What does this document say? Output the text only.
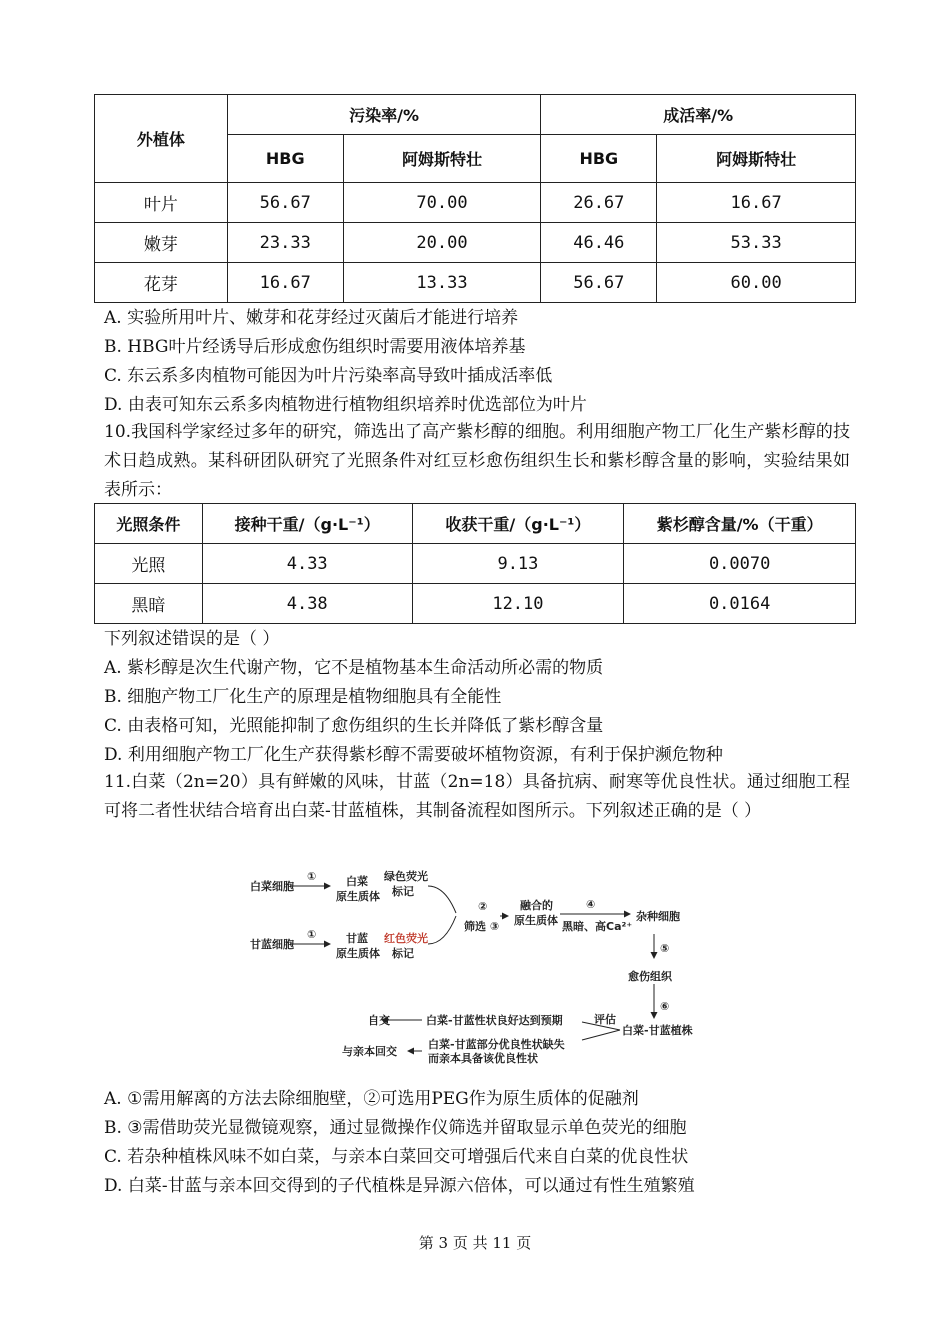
外植体	污染率/%		成活率/%	
	HBG	阿姆斯特壮	HBG	阿姆斯特壮
叶片	56.67	70.00	26.67	16.67
嫩芽	23.33	20.00	46.46	53.33
花芽	16.67	13.33	56.67	60.00
A. 实验所用叶片、嫩芽和花芽经过灭菌后才能进行培养
B. HBG叶片经诱导后形成愈伤组织时需要用液体培养基
C. 东云系多肉植物可能因为叶片污染率高导致叶插成活率低
D. 由表可知东云系多肉植物进行植物组织培养时优选部位为叶片
10.我国科学家经过多年的研究，筛选出了高产紫杉醇的细胞。利用细胞产物工厂化生产紫杉醇的技术日趋成熟。某科研团队研究了光照条件对红豆杉愈伤组织生长和紫杉醇含量的影响，实验结果如表所示：
光照条件	接种干重/（g·L⁻¹）	收获干重/（g·L⁻¹）	紫杉醇含量/%（干重）
光照	4.33	9.13	0.0070
黑暗	4.38	12.10	0.0164
下列叙述错误的是（ ）
A. 紫杉醇是次生代谢产物，它不是植物基本生命活动所必需的物质
B. 细胞产物工厂化生产的原理是植物细胞具有全能性
C. 由表格可知，光照能抑制了愈伤组织的生长并降低了紫杉醇含量
D. 利用细胞产物工厂化生产获得紫杉醇不需要破坏植物资源，有利于保护濒危物种
11.白菜（2n=20）具有鲜嫩的风味，甘蓝（2n=18）具备抗病、耐寒等优良性状。通过细胞工程可将二者性状结合培育出白菜-甘蓝植株，其制备流程如图所示。下列叙述正确的是（ ）
白菜细胞
甘蓝细胞
①
①
白菜
原生质体
甘蓝
原生质体
绿色荧光
标记
红色荧光
标记
②
筛选 ③
融合的
原生质体
④
黑暗、高Ca²⁺
杂种细胞
⑤
愈伤组织
⑥
白菜-甘蓝植株
评估
白菜-甘蓝性状良好达到预期
自交
白菜-甘蓝部分优良性状缺失
而亲本具备该优良性状
与亲本回交
A. ①需用解离的方法去除细胞壁，②可选用PEG作为原生质体的促融剂
B. ③需借助荧光显微镜观察，通过显微操作仪筛选并留取显示单色荧光的细胞
C. 若杂种植株风味不如白菜，与亲本白菜回交可增强后代来自白菜的优良性状
D. 白菜-甘蓝与亲本回交得到的子代植株是异源六倍体，可以通过有性生殖繁殖
第 3 页 共 11 页
